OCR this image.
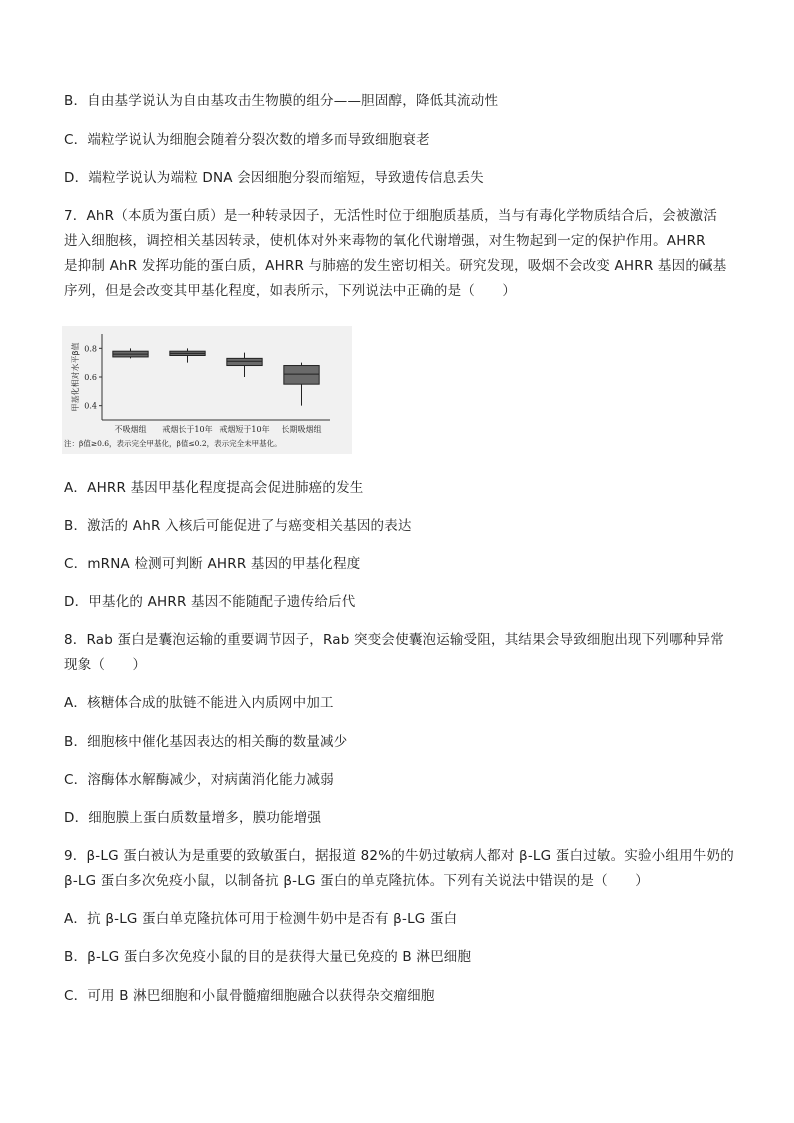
B．自由基学说认为自由基攻击生物膜的组分——胆固醇，降低其流动性
C．端粒学说认为细胞会随着分裂次数的增多而导致细胞衰老
D．端粒学说认为端粒 DNA 会因细胞分裂而缩短，导致遗传信息丢失
7．AhR（本质为蛋白质）是一种转录因子，无活性时位于细胞质基质，当与有毒化学物质结合后，会被激活
进入细胞核，调控相关基因转录，使机体对外来毒物的氧化代谢增强，对生物起到一定的保护作用。AHRR
是抑制 AhR 发挥功能的蛋白质，AHRR 与肺癌的发生密切相关。研究发现，吸烟不会改变 AHRR 基因的碱基
序列，但是会改变其甲基化程度，如表所示，下列说法中正确的是（　　）
甲基化相对水平β值 0.8
0.6
0.4
不吸烟组 戒烟长于10年 戒烟短于10年 长期吸烟组
注：β值≥0.6，表示完全甲基化，β值≤0.2，表示完全未甲基化。
A．AHRR 基因甲基化程度提高会促进肺癌的发生
B．激活的 AhR 入核后可能促进了与癌变相关基因的表达
C．mRNA 检测可判断 AHRR 基因的甲基化程度
D．甲基化的 AHRR 基因不能随配子遗传给后代
8．Rab 蛋白是囊泡运输的重要调节因子，Rab 突变会使囊泡运输受阻，其结果会导致细胞出现下列哪种异常
现象（　　）
A．核糖体合成的肽链不能进入内质网中加工
B．细胞核中催化基因表达的相关酶的数量减少
C．溶酶体水解酶减少，对病菌消化能力减弱
D．细胞膜上蛋白质数量增多，膜功能增强
9．β-LG 蛋白被认为是重要的致敏蛋白，据报道 82%的牛奶过敏病人都对 β-LG 蛋白过敏。实验小组用牛奶的
β-LG 蛋白多次免疫小鼠，以制备抗 β-LG 蛋白的单克隆抗体。下列有关说法中错误的是（　　）
A．抗 β-LG 蛋白单克隆抗体可用于检测牛奶中是否有 β-LG 蛋白
B．β-LG 蛋白多次免疫小鼠的目的是获得大量已免疫的 B 淋巴细胞
C．可用 B 淋巴细胞和小鼠骨髓瘤细胞融合以获得杂交瘤细胞
